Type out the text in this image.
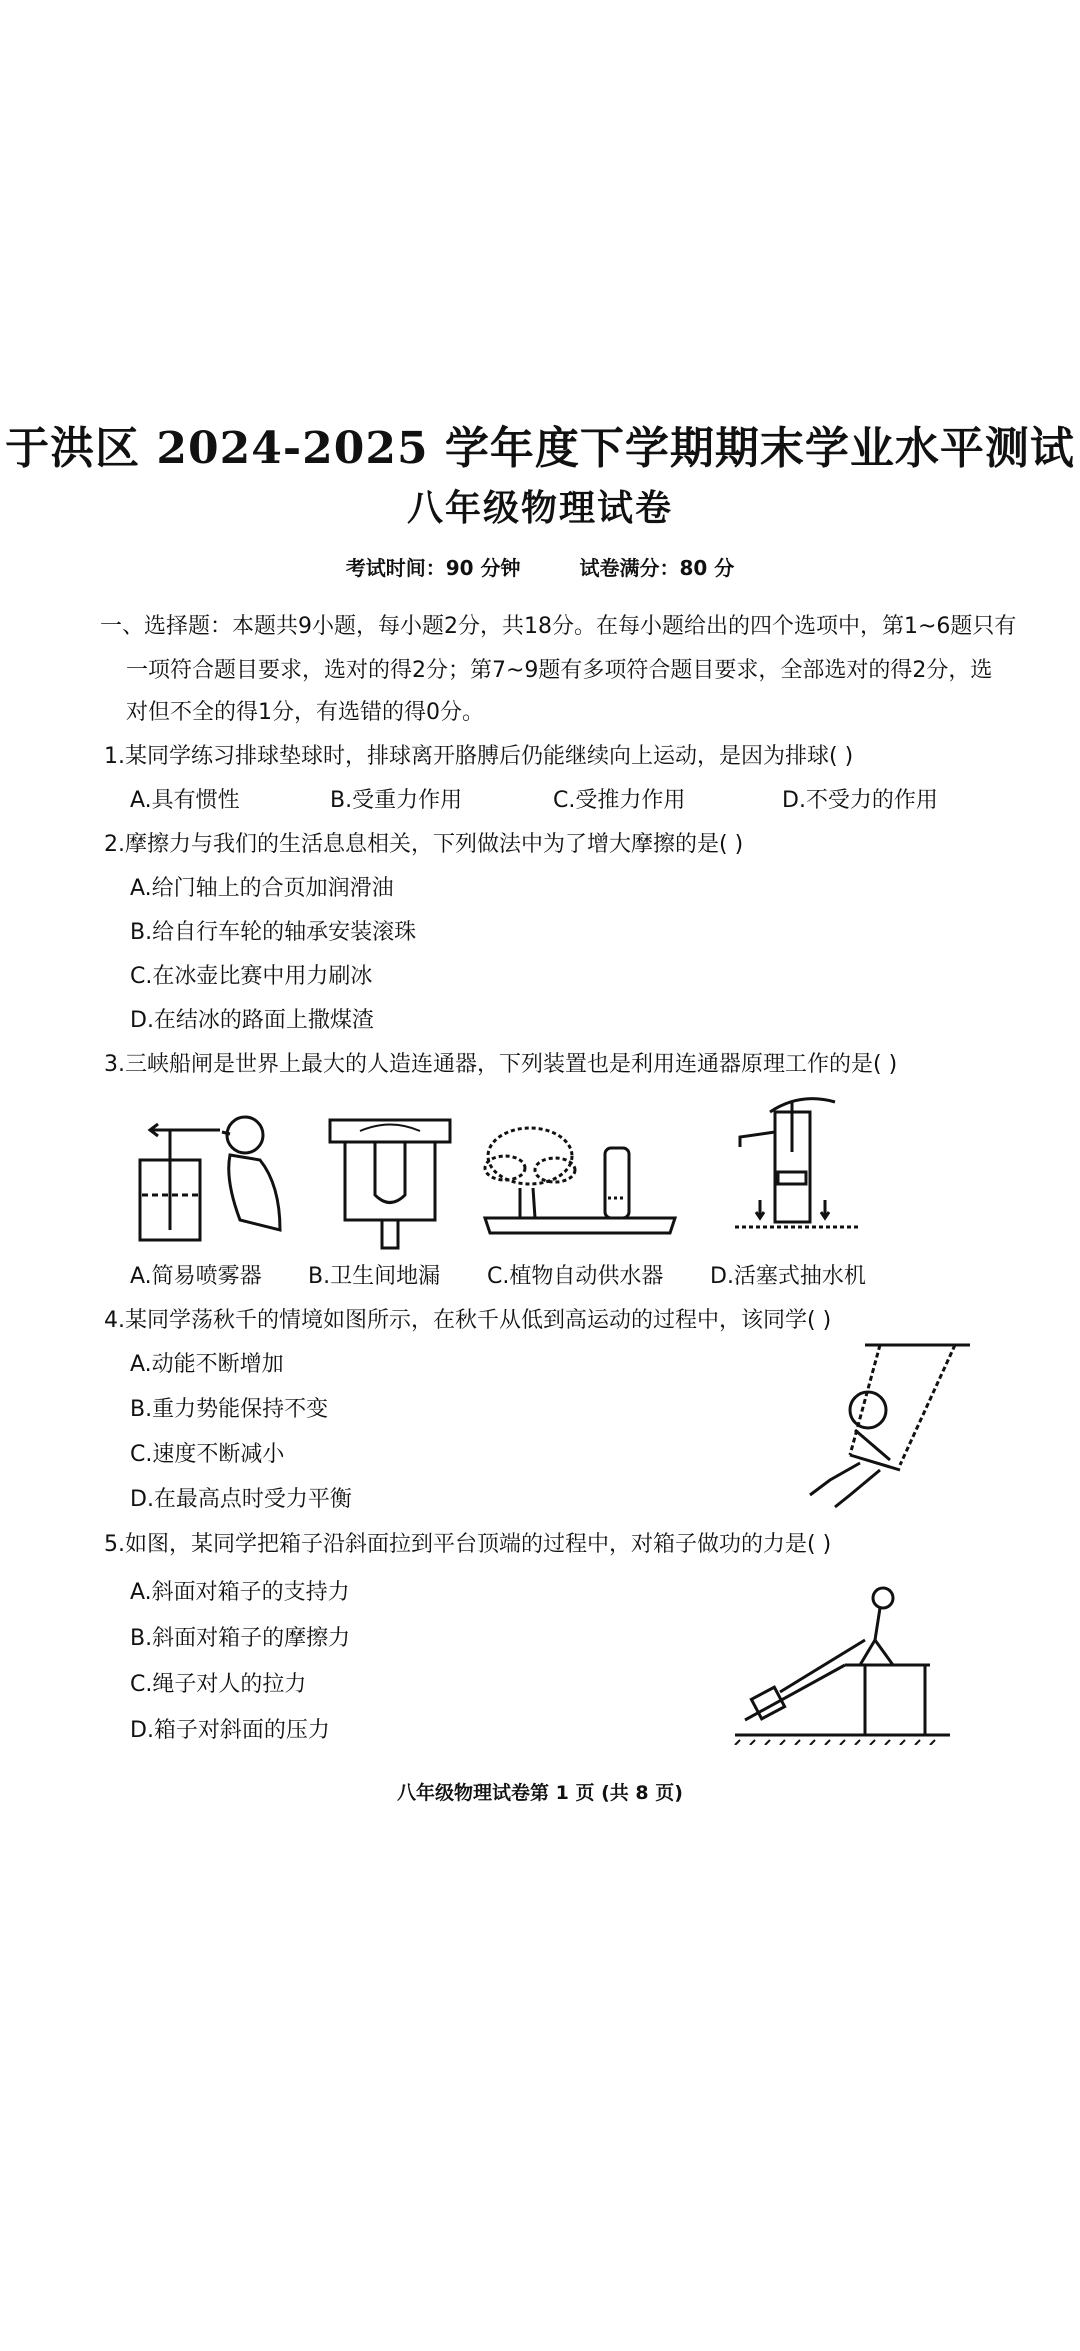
于洪区 2024-2025 学年度下学期期末学业水平测试
八年级物理试卷
考试时间：90 分钟	试卷满分：80 分
一、选择题：本题共9小题，每小题2分，共18分。在每小题给出的四个选项中，第1~6题只有
一项符合题目要求，选对的得2分；第7~9题有多项符合题目要求，全部选对的得2分，选
对但不全的得1分，有选错的得0分。
1.某同学练习排球垫球时，排球离开胳膊后仍能继续向上运动，是因为排球( )
A.具有惯性	B.受重力作用	C.受推力作用	D.不受力的作用
2.摩擦力与我们的生活息息相关，下列做法中为了增大摩擦的是( )
A.给门轴上的合页加润滑油
B.给自行车轮的轴承安装滚珠
C.在冰壶比赛中用力刷冰
D.在结冰的路面上撒煤渣
3.三峡船闸是世界上最大的人造连通器，下列装置也是利用连通器原理工作的是( )
A.简易喷雾器 B.卫生间地漏 C.植物自动供水器 D.活塞式抽水机
4.某同学荡秋千的情境如图所示，在秋千从低到高运动的过程中，该同学( )
A.动能不断增加
B.重力势能保持不变
C.速度不断减小
D.在最高点时受力平衡
5.如图，某同学把箱子沿斜面拉到平台顶端的过程中，对箱子做功的力是( )
A.斜面对箱子的支持力
B.斜面对箱子的摩擦力
C.绳子对人的拉力
D.箱子对斜面的压力
八年级物理试卷第 1 页 (共 8 页)
